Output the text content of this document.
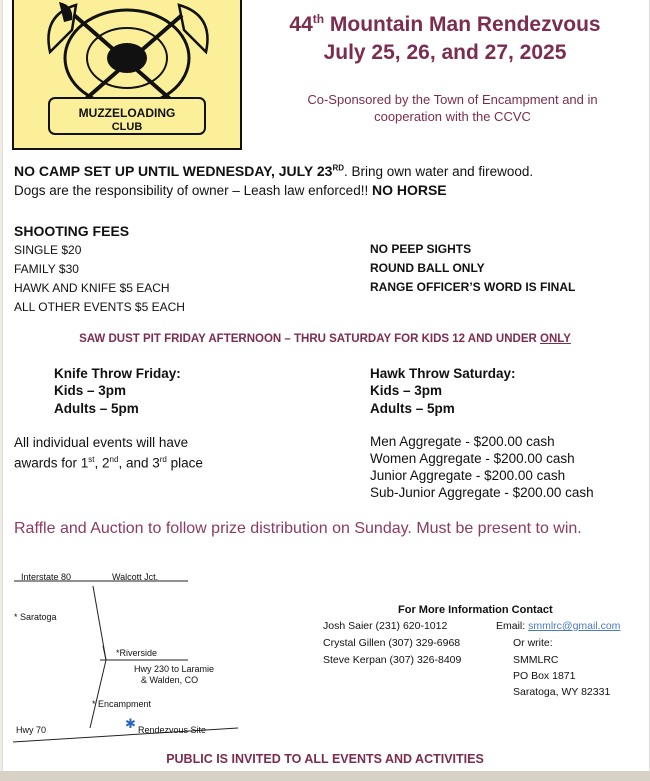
MUZZELOADING
CLUB
44th Mountain Man Rendezvous
July 25, 26, and 27, 2025
Co-Sponsored by the Town of Encampment and in
cooperation with the CCVC
NO CAMP SET UP UNTIL WEDNESDAY, JULY 23RD. Bring own water and firewood.
Dogs are the responsibility of owner – Leash law enforced!! NO HORSE
SHOOTING FEES
SINGLE $20
FAMILY $30
HAWK AND KNIFE $5 EACH
ALL OTHER EVENTS $5 EACH
NO PEEP SIGHTS
ROUND BALL ONLY
RANGE OFFICER’S WORD IS FINAL
SAW DUST PIT FRIDAY AFTERNOON – THRU SATURDAY FOR KIDS 12 AND UNDER ONLY
Knife Throw Friday:
Kids – 3pm
Adults – 5pm
Hawk Throw Saturday:
Kids – 3pm
Adults – 5pm
All individual events will have
awards for 1st, 2nd, and 3rd place
Men Aggregate - $200.00 cash
Women Aggregate - $200.00 cash
Junior Aggregate - $200.00 cash
Sub-Junior Aggregate - $200.00 cash
Raffle and Auction to follow prize distribution on Sunday. Must be present to win.
Interstate 80	Walcott Jct.
* Saratoga
*Riverside
Hwy 230 to Laramie
& Walden, CO
* Encampment
Hwy 70	✱ Rendezvous Site
For More Information Contact
Josh Saier (231) 620-1012
Crystal Gillen (307) 329-6968
Steve Kerpan (307) 326-8409
Email: smmlrc@gmail.com
Or write:
SMMLRC
PO Box 1871
Saratoga, WY 82331
PUBLIC IS INVITED TO ALL EVENTS AND ACTIVITIES
